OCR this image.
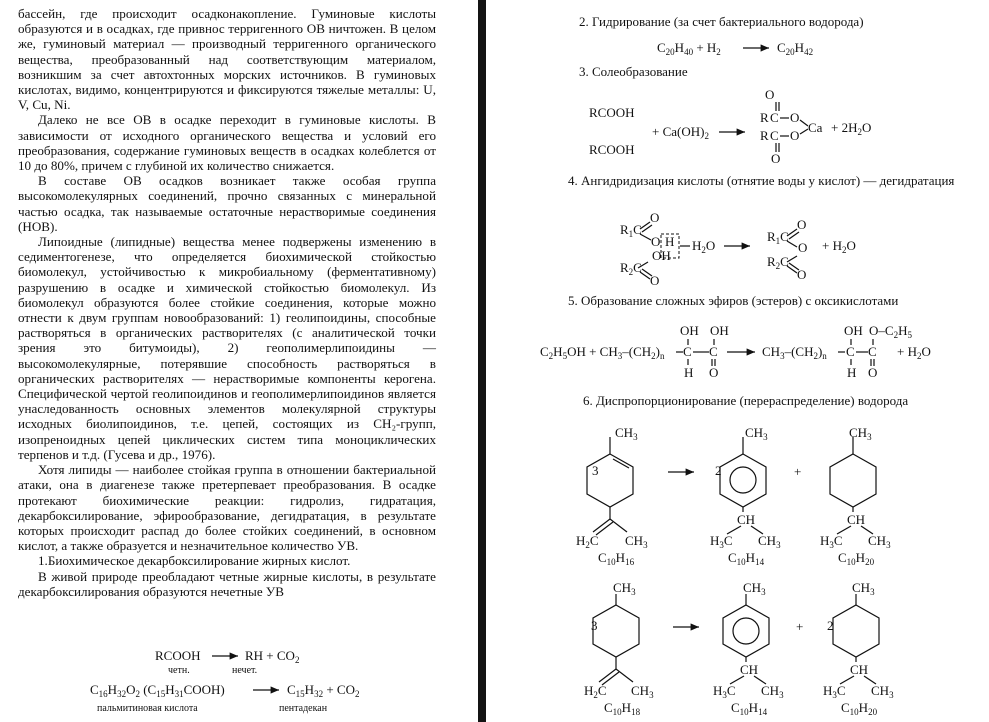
бассейн, где происходит осадконакопление. Гуминовые кислоты образуются и в осадках, где привнос терригенного ОВ ничтожен. В целом же, гуминовый материал — производный терригенного органического вещества, преобразованный над соответствующим материалом, возникшим за счет автохтонных морских источников. В гуминовых кислотах, видимо, концентрируются и фиксируются тяжелые металлы: U, V, Cu, Ni.

Далеко не все ОВ в осадке переходит в гуминовые кислоты. В зависимости от исходного органического вещества и условий его преобразования, содержание гуминовых веществ в осадках колеблется от 10 до 80%, причем с глубиной их количество снижается.

В составе ОВ осадков возникает также особая группа высокомолекулярных соединений, прочно связанных с минеральной частью осадка, так называемые остаточные нерастворимые соединения (НОВ).

Липоидные (липидные) вещества менее подвержены изменению в седиментогенезе, что определяется биохимической стойкостью биомолекул, устойчивостью к микробиальному (ферментативному) разрушению в осадке и химической стойкостью биомолекул. Из биомолекул образуются более стойкие соединения, которые можно отнести к двум группам новообразований: 1) геолипоидины, способные растворяться в органических растворителях (с аналитической точки зрения это битумоиды), 2) геополимерлипоидины — высокомолекулярные, потерявшие способность растворяться в органических растворителях — нерастворимые компоненты керогена. Специфической чертой геолипоидинов и геополимерлипоидинов является унаследованность основных элементов молекулярной структуры исходных биолипоидинов, т.е. цепей, состоящих из CH₂-групп, изопреноидных цепей циклических систем типа моноциклических терпенов и т.д. (Гусева и др., 1976).

Хотя липиды — наиболее стойкая группа в отношении бактериальной атаки, она в диагенезе также претерпевает преобразования. В осадке протекают биохимические реакции: гидролиз, гидратация, декарбоксилирование, эфирообразование, дегидратация, в результате которых происходит распад до более стойких соединений, в основном кислот, а также образуется и незначительное количество УВ.

1.Биохимическое декарбоксилирование жирных кислот.

В живой природе преобладают четные жирные кислоты, в результате декарбоксилирования образуются нечетные УВ

RCOOH	RH + $CO_2$
четн.	нечет.
$C_{16}H_{32}O_2$ $(C_{15}H_{31}COOH)$	$C_{15}H_{32} + CO_2$
пальмитиновая кислота	пентадекан
2. Гидрирование (за счет бактериального водорода)
3. Солеобразование
4. Ангидридизация кислоты (отнятие воды у кислот) — дегидратация
5. Образование сложных эфиров (эстеров) с оксикислотами
6. Диспропорционирование (перераспределение) водорода
$C_{20}H_{40} + H_2$	$C_{20}H_{42}$
RCOOH
RCOOH
+ $Ca(OH)_2$
O
R C O
R C O
O
$Ca + 2H_2O$
$R_1C$
O
O H
OH
$R_2C$
O
$H_2O$
$R_1C$
O
O
$R_2C$
O
+ $H_2O$
$C_2H_5OH + CH_3-(CH_2)_n$ C C
OH OH
H O
$CH_3-(CH_2)_n$ C C
OH $O-C_2H_5$
H O
+ $H_2O$
$CH_3$
3
$H_2C$ $CH_3$
$C_{10}H_{16}$
$CH_3$
2
CH
$H_3C$ $CH_3$
$C_{10}H_{14}$
+
$CH_3$
CH
$H_3C$ $CH_3$
$C_{10}H_{20}$
$CH_3$
3
$H_2C$ $CH_3$
$C_{10}H_{18}$
$CH_3$
CH
$H_3C$ $CH_3$
$C_{10}H_{14}$
+
$CH_3$
2
CH
$H_3C$ $CH_3$
$C_{10}H_{20}$
